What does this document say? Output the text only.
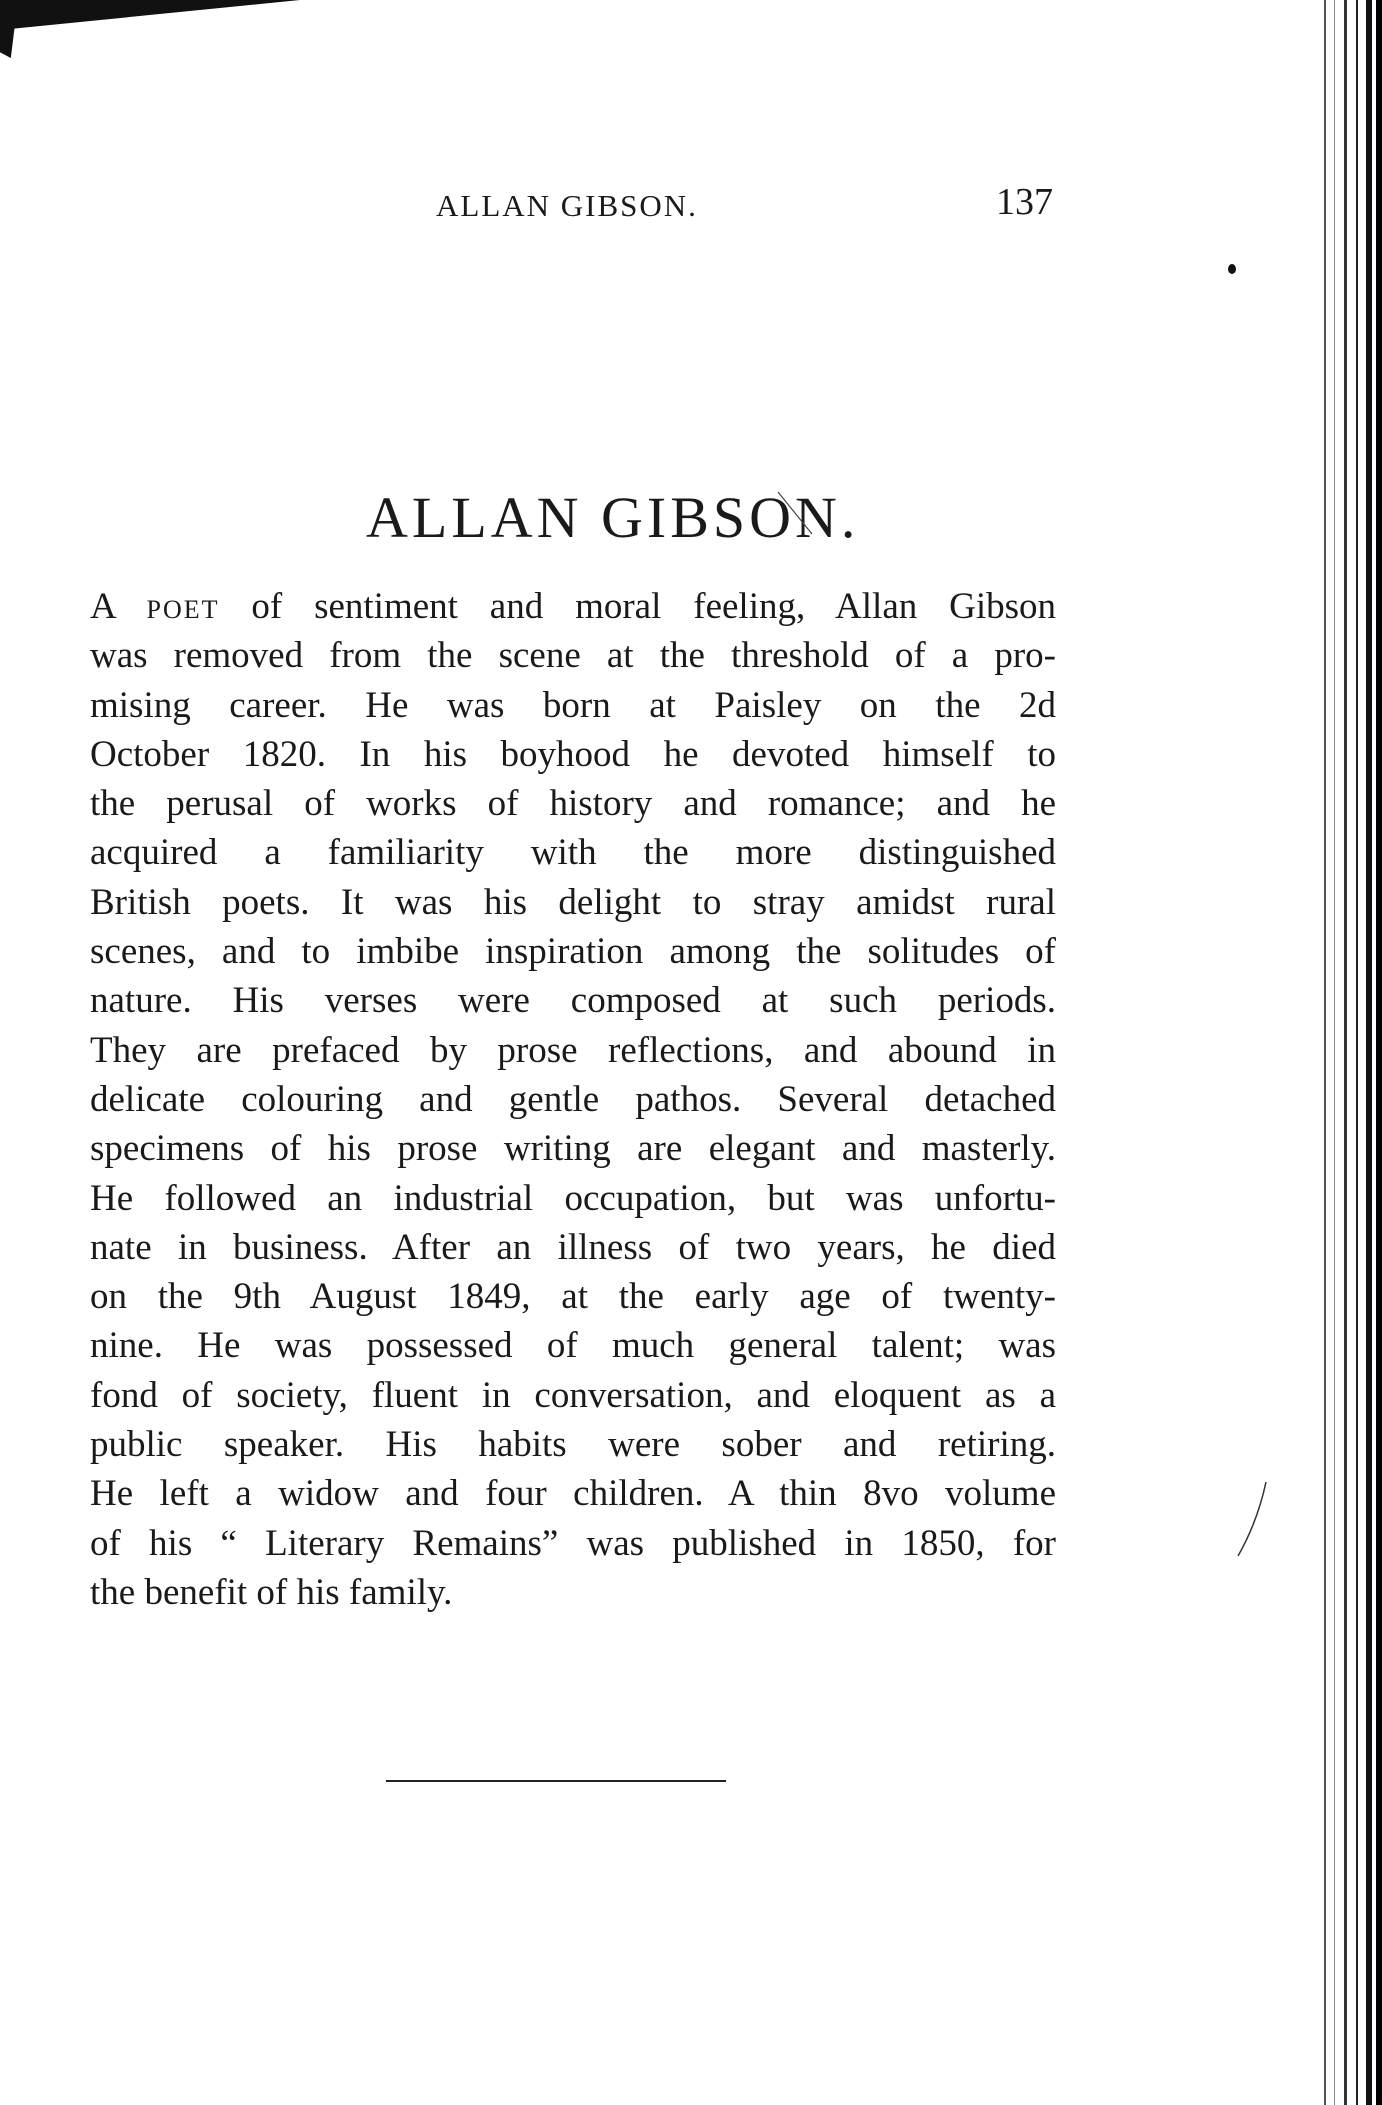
ALLAN GIBSON.	137
ALLAN GIBSON.
A POET of sentiment and moral feeling, Allan Gibson
was removed from the scene at the threshold of a pro-
mising career. He was born at Paisley on the 2d
October 1820. In his boyhood he devoted himself to
the perusal of works of history and romance; and he
acquired a familiarity with the more distinguished
British poets. It was his delight to stray amidst rural
scenes, and to imbibe inspiration among the solitudes of
nature. His verses were composed at such periods.
They are prefaced by prose reflections, and abound in
delicate colouring and gentle pathos. Several detached
specimens of his prose writing are elegant and masterly.
He followed an industrial occupation, but was unfortu-
nate in business. After an illness of two years, he died
on the 9th August 1849, at the early age of twenty-
nine. He was possessed of much general talent; was
fond of society, fluent in conversation, and eloquent as a
public speaker. His habits were sober and retiring.
He left a widow and four children. A thin 8vo volume
of his “ Literary Remains” was published in 1850, for
the benefit of his family.
